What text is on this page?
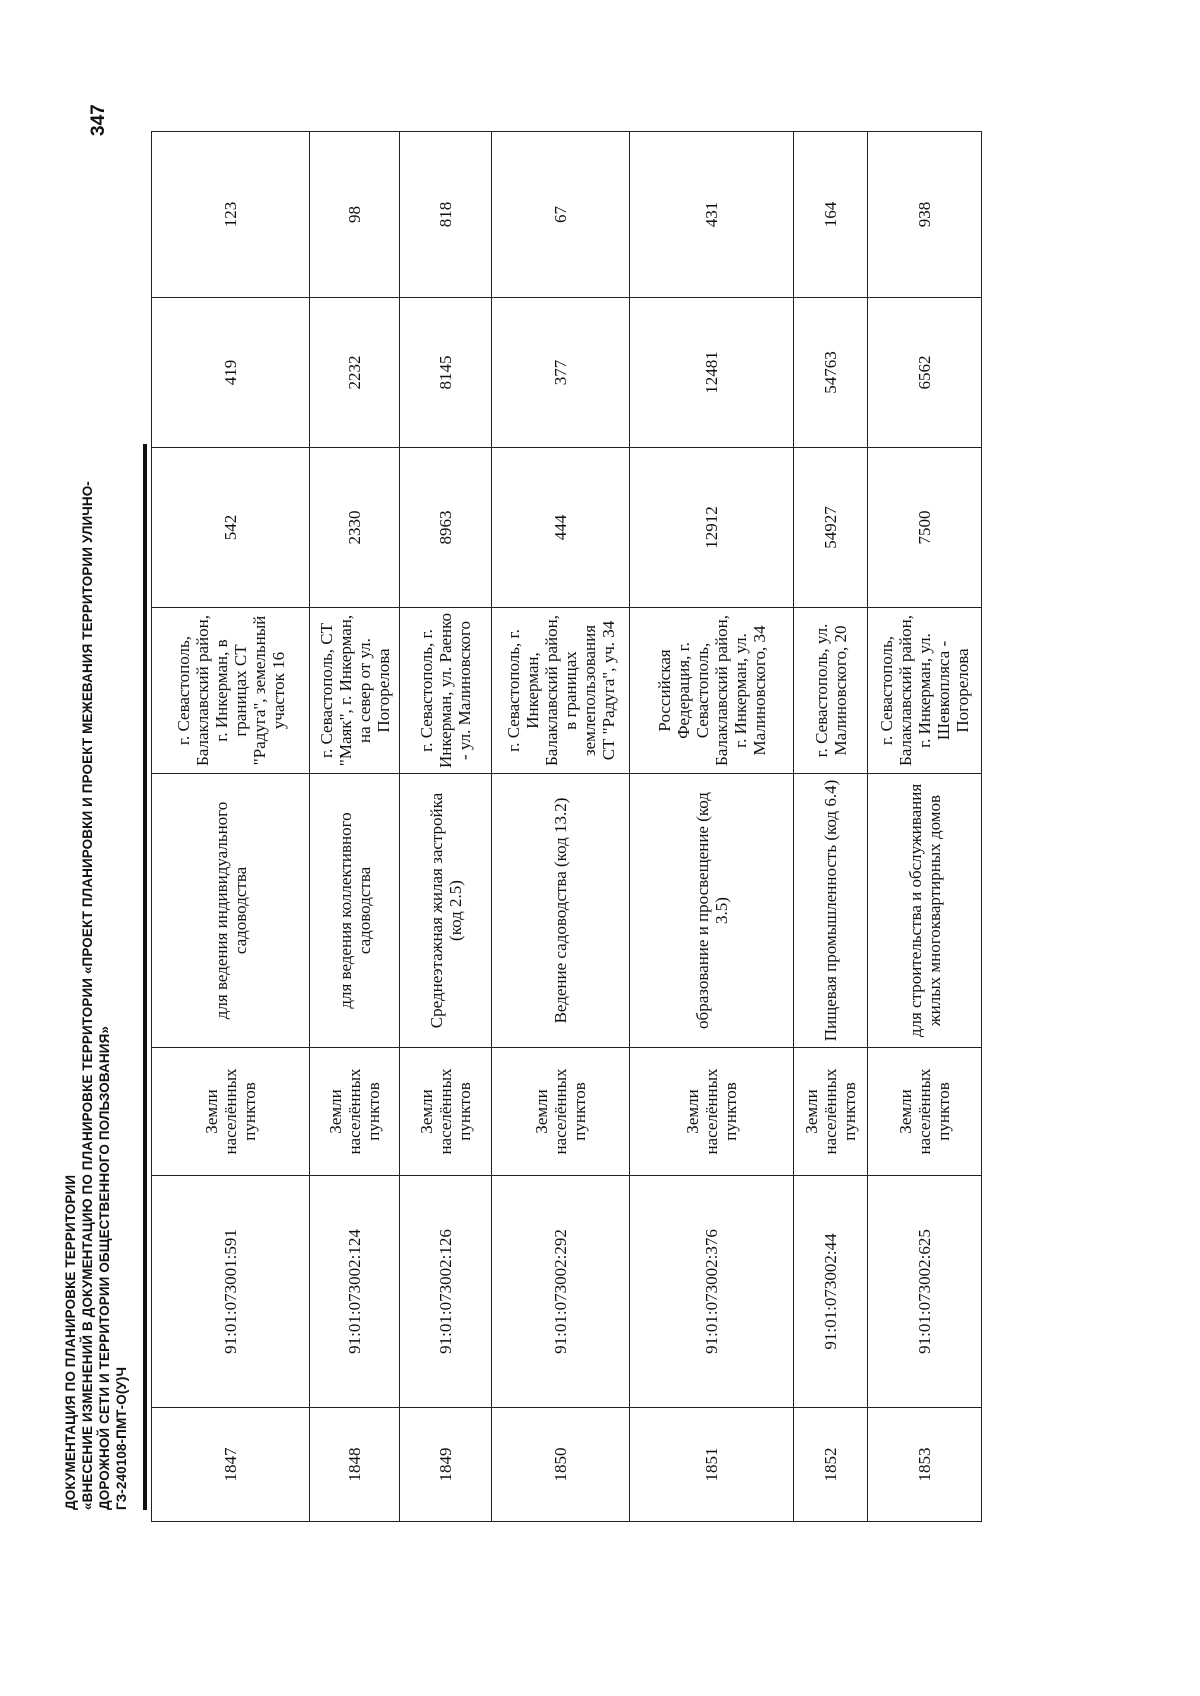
ДОКУМЕНТАЦИЯ ПО ПЛАНИРОВКЕ ТЕРРИТОРИИ «ВНЕСЕНИЕ ИЗМЕНЕНИЙ В ДОКУМЕНТАЦИЮ ПО ПЛАНИРОВКЕ ТЕРРИТОРИИ «ПРОЕКТ ПЛАНИРОВКИ И ПРОЕКТ МЕЖЕВАНИЯ ТЕРРИТОРИИ УЛИЧНО- ДОРОЖНОЙ СЕТИ И ТЕРРИТОРИИ ОБЩЕСТВЕННОГО ПОЛЬЗОВАНИЯ» ГЗ-240108-ПМТ-О(У)Ч
347
1847	91:01:073001:591	Земли населённых пунктов	для ведения индивидуального садоводства	г. Севастополь, Балаклавский район, г. Инкерман, в границах СТ "Радуга", земельный участок 16	542	419	123
1848	91:01:073002:124	Земли населённых пунктов	для ведения коллективного садоводства	г. Севастополь, СТ "Маяк", г. Инкерман, на север от ул. Погорелова	2330	2232	98
1849	91:01:073002:126	Земли населённых пунктов	Среднеэтажная жилая застройка (код 2.5)	г. Севастополь, г. Инкерман, ул. Раенко - ул. Малиновского	8963	8145	818
1850	91:01:073002:292	Земли населённых пунктов	Ведение садоводства (код 13.2)	г. Севастополь, г. Инкерман, Балаклавский район, в границах землепользования СТ "Радуга", уч. 34	444	377	67
1851	91:01:073002:376	Земли населённых пунктов	образование и просвещение (код 3.5)	Российская Федерация, г. Севастополь, Балаклавский район, г. Инкерман, ул. Малиновского, 34	12912	12481	431
1852	91:01:073002:44	Земли населённых пунктов	Пищевая промышленность (код 6.4)	г. Севастополь, ул. Малиновского, 20	54927	54763	164
1853	91:01:073002:625	Земли населённых пунктов	для строительства и обслуживания жилых многоквартирных домов	г. Севастополь, Балаклавский район, г. Инкерман, ул. Шевкопляса - Погорелова	7500	6562	938
